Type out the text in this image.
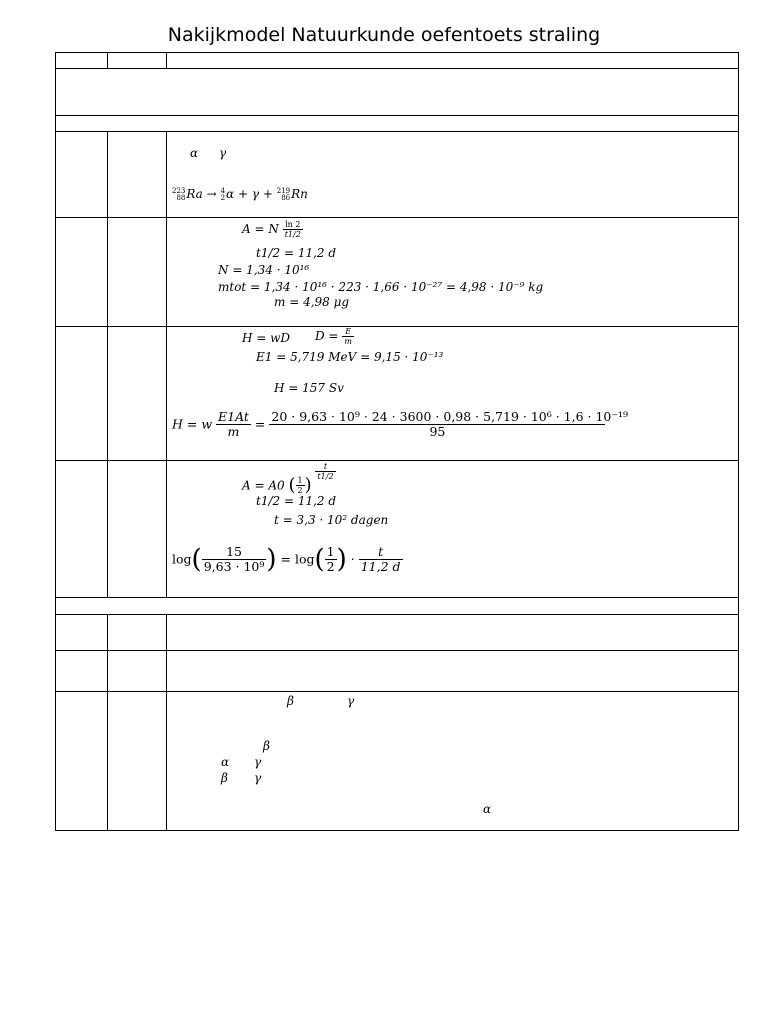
Nakijkmodel Natuurkunde oefentoets straling
α γ
223
88Ra → 4
2α + γ + 219
86Rn
A = N $\frac{\ln 2}{t1/2}$
t1/2 = 11,2 d
N = 1,34 · 10¹⁶
mtot = 1,34 · 10¹⁶ · 223 · 1,66 · 10⁻²⁷ = 4,98 · 10⁻⁹ kg
m = 4,98 μg
H = wD $D = \frac{E}{m}$
E1 = 5,719 MeV = 9,15 · 10⁻¹³
H = 157 Sv
H = w $\frac{E1At}{m} = 20 \cdot 9,63 \cdot 10^9 \cdot 24 \cdot 3600 \cdot 0,98 \cdot 5,719 \cdot 10^6 \cdot 1,6 \cdot 10^{-19}$
95
A = A0 ( $\frac{1}{2}$ )
$\frac{t}{t1/2}$
t1/2 = 11,2 d
t = 3,3 · 10² dagen
$\log( \frac{15}{\text{9,63 · 10⁹}}$ ) = $\log( \frac{1}{2}$ ) · $\frac{t}{11,2 d}$
β	γ
β
α γ
β γ
α
